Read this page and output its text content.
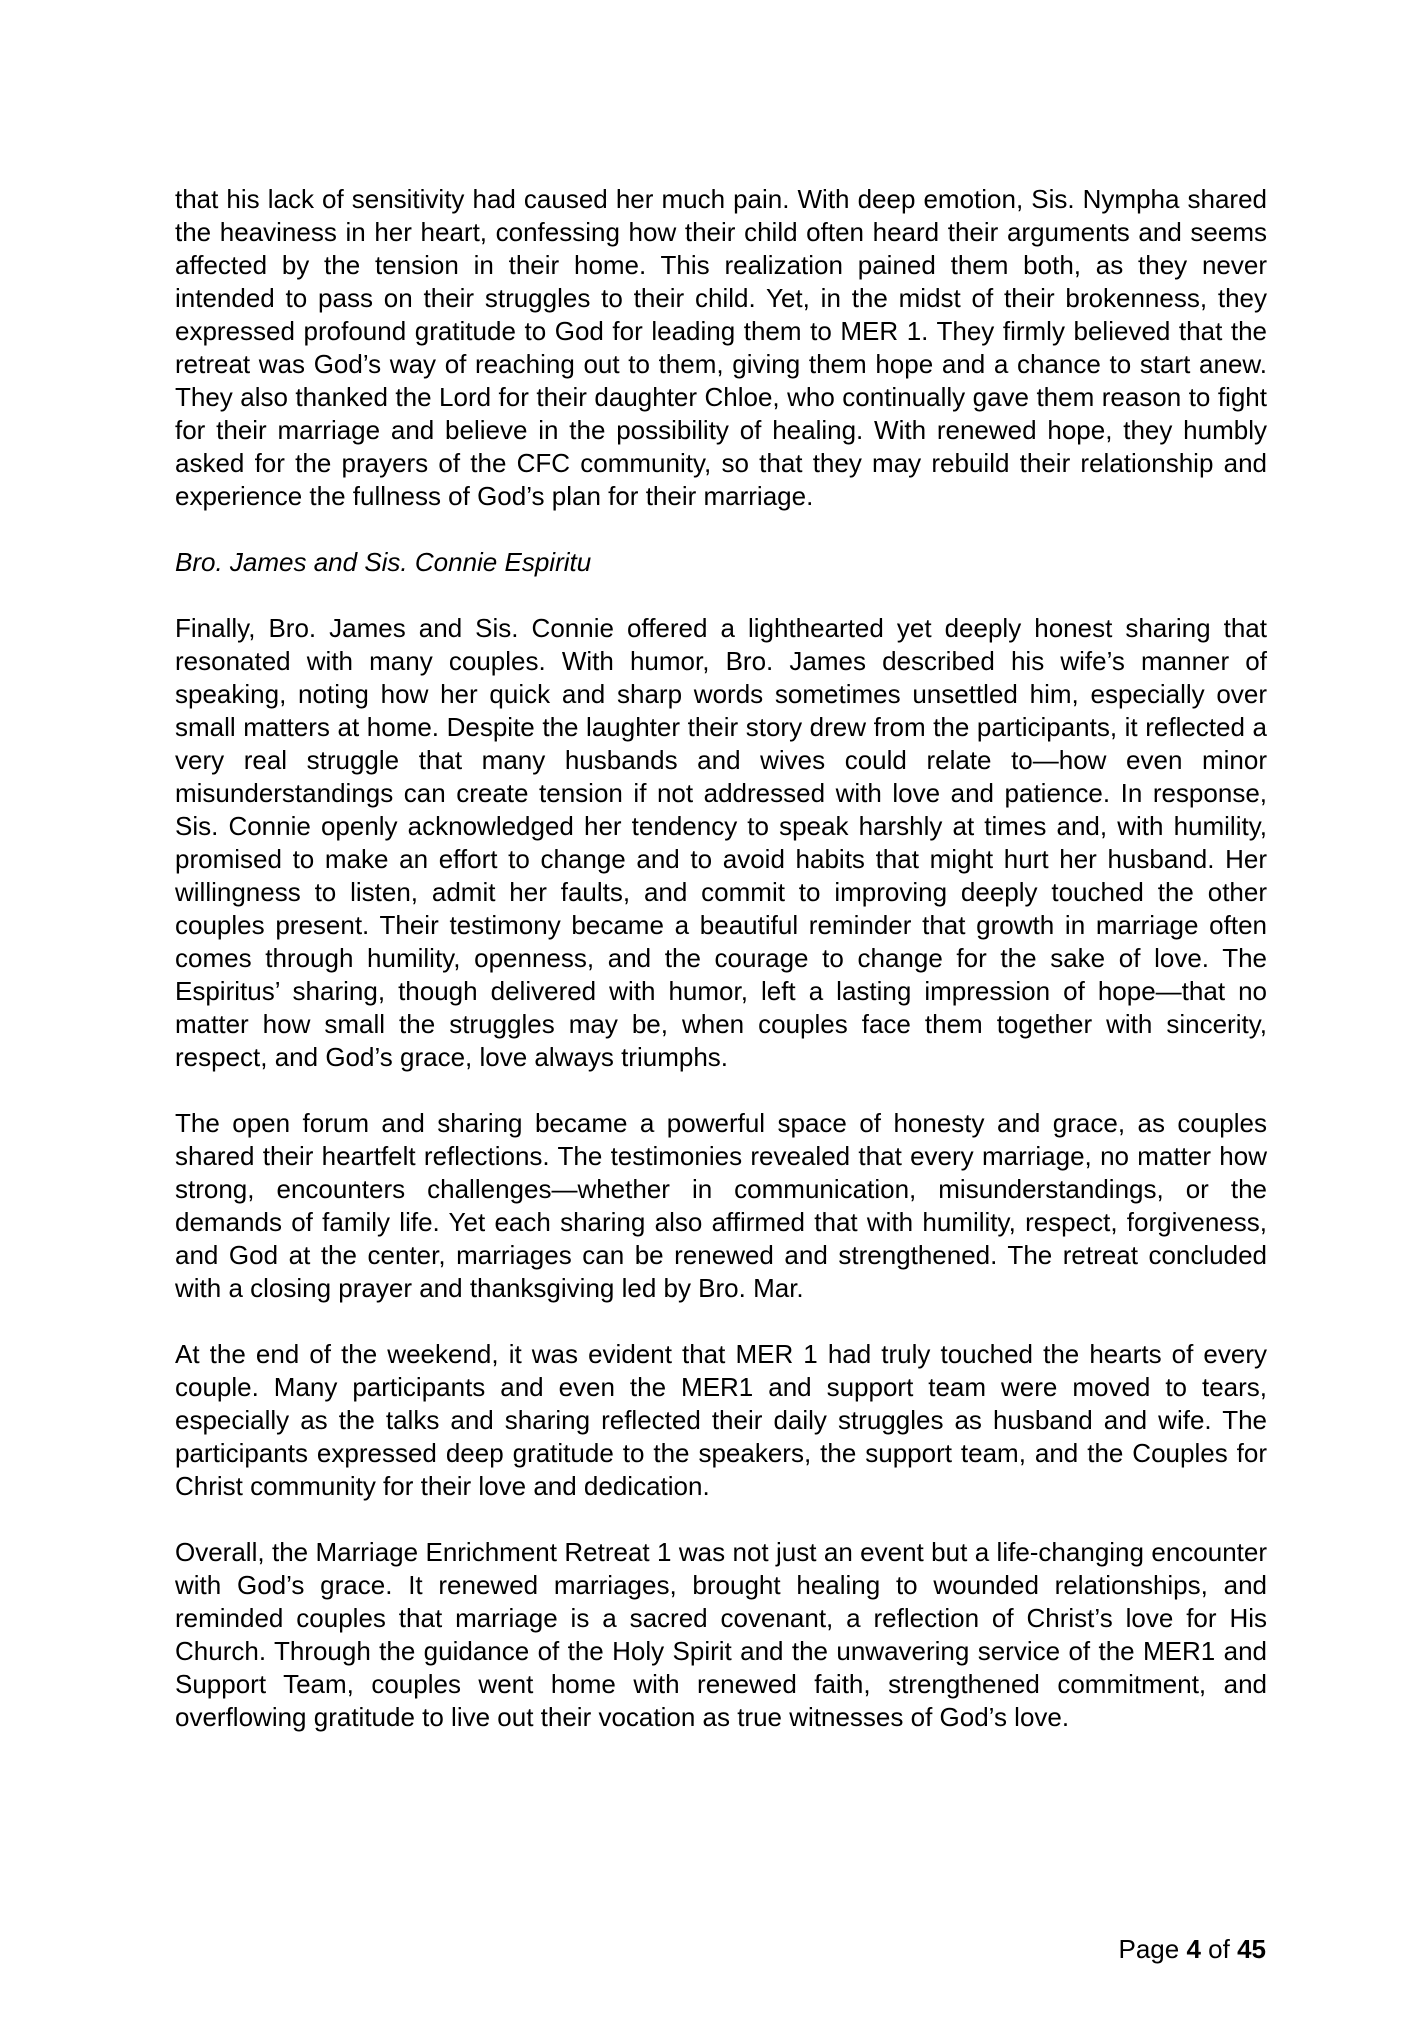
that his lack of sensitivity had caused her much pain. With deep emotion, Sis. Nympha shared the heaviness in her heart, confessing how their child often heard their arguments and seems affected by the tension in their home. This realization pained them both, as they never intended to pass on their struggles to their child. Yet, in the midst of their brokenness, they expressed profound gratitude to God for leading them to MER 1. They firmly believed that the retreat was God’s way of reaching out to them, giving them hope and a chance to start anew. They also thanked the Lord for their daughter Chloe, who continually gave them reason to fight for their marriage and believe in the possibility of healing. With renewed hope, they humbly asked for the prayers of the CFC community, so that they may rebuild their relationship and experience the fullness of God’s plan for their marriage.

Bro. James and Sis. Connie Espiritu

Finally, Bro. James and Sis. Connie offered a lighthearted yet deeply honest sharing that resonated with many couples. With humor, Bro. James described his wife’s manner of speaking, noting how her quick and sharp words sometimes unsettled him, especially over small matters at home. Despite the laughter their story drew from the participants, it reflected a very real struggle that many husbands and wives could relate to—how even minor misunderstandings can create tension if not addressed with love and patience. In response, Sis. Connie openly acknowledged her tendency to speak harshly at times and, with humility, promised to make an effort to change and to avoid habits that might hurt her husband. Her willingness to listen, admit her faults, and commit to improving deeply touched the other couples present. Their testimony became a beautiful reminder that growth in marriage often comes through humility, openness, and the courage to change for the sake of love. The Espiritus’ sharing, though delivered with humor, left a lasting impression of hope—that no matter how small the struggles may be, when couples face them together with sincerity, respect, and God’s grace, love always triumphs.

The open forum and sharing became a powerful space of honesty and grace, as couples shared their heartfelt reflections. The testimonies revealed that every marriage, no matter how strong, encounters challenges—whether in communication, misunderstandings, or the demands of family life. Yet each sharing also affirmed that with humility, respect, forgiveness, and God at the center, marriages can be renewed and strengthened. The retreat concluded with a closing prayer and thanksgiving led by Bro. Mar.

At the end of the weekend, it was evident that MER 1 had truly touched the hearts of every couple. Many participants and even the MER1 and support team were moved to tears, especially as the talks and sharing reflected their daily struggles as husband and wife. The participants expressed deep gratitude to the speakers, the support team, and the Couples for Christ community for their love and dedication.

Overall, the Marriage Enrichment Retreat 1 was not just an event but a life-changing encounter with God’s grace. It renewed marriages, brought healing to wounded relationships, and reminded couples that marriage is a sacred covenant, a reflection of Christ’s love for His Church. Through the guidance of the Holy Spirit and the unwavering service of the MER1 and Support Team, couples went home with renewed faith, strengthened commitment, and overflowing gratitude to live out their vocation as true witnesses of God’s love.

Page 4 of 45
